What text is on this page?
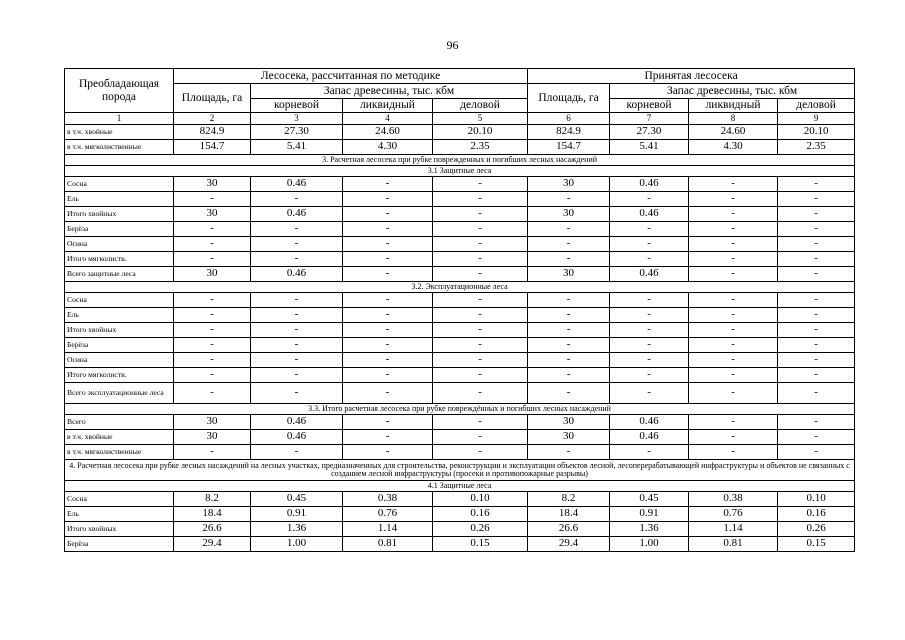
96
Преобладающая порода	Лесосека, рассчитанная по методике				Принятая лесосека			
	Площадь, га	Запас древесины, тыс. кбм			Площадь, га	Запас древесины, тыс. кбм		
		корневой	ликвидный	деловой		корневой	ликвидный	деловой
1	2	3	4	5	6	7	8	9
в т.ч. хвойные	824.9	27.30	24.60	20.10	824.9	27.30	24.60	20.10
в т.ч. мягколиственные	154.7	5.41	4.30	2.35	154.7	5.41	4.30	2.35
3. Расчетная лесосека при рубке поврежденных и погибших лесных насаждений								
3.1 Защитные леса								
Сосна	30	0.46	-	-	30	0.46	-	-
Ель	-	-	-	-	-	-	-	-
Итого хвойных	30	0.46	-	-	30	0.46	-	-
Берёза	-	-	-	-	-	-	-	-
Осина	-	-	-	-	-	-	-	-
Итого мягколиств.	-	-	-	-	-	-	-	-
Всего защитные леса	30	0.46	-	-	30	0.46	-	-
3.2. Эксплуатационные леса								
Сосна	-	-	-	-	-	-	-	-
Ель	-	-	-	-	-	-	-	-
Итого хвойных	-	-	-	-	-	-	-	-
Берёза	-	-	-	-	-	-	-	-
Осина	-	-	-	-	-	-	-	-
Итого мягколиств.	-	-	-	-	-	-	-	-
Всего эксплуатационные леса	-	-	-	-	-	-	-	-
3.3. Итого расчетная лесосека при рубке повреждённых и погибших лесных насаждений								
Всего	30	0.46	-	-	30	0.46	-	-
в т.ч. хвойные	30	0.46	-	-	30	0.46	-	-
в т.ч. мягколиственные	-	-	-	-	-	-	-	-
4. Расчетная лесосека при рубке лесных насаждений на лесных участках, предназначенных для строительства, реконструкции и эксплуатации объектов лесной, лесоперерабатывающей инфраструктуры и объектов не связанных с созданием лесной инфраструктуры (просеки и противопожарные разрывы)								
4.1 Защитные леса								
Сосна	8.2	0.45	0.38	0.10	8.2	0.45	0.38	0.10
Ель	18.4	0.91	0.76	0.16	18.4	0.91	0.76	0.16
Итого хвойных	26.6	1.36	1.14	0.26	26.6	1.36	1.14	0.26
Берёза	29.4	1.00	0.81	0.15	29.4	1.00	0.81	0.15
